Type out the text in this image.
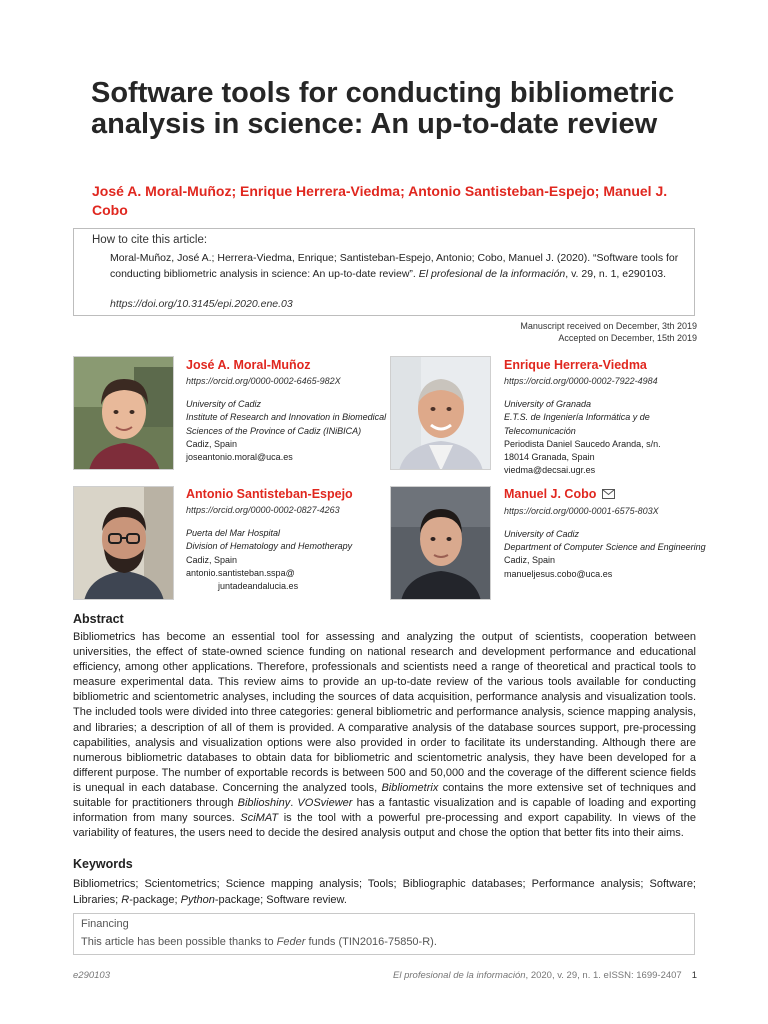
Software tools for conducting bibliometric analysis in science: An up-to-date review
José A. Moral-Muñoz; Enrique Herrera-Viedma; Antonio Santisteban-Espejo; Manuel J. Cobo
How to cite this article:
Moral-Muñoz, José A.; Herrera-Viedma, Enrique; Santisteban-Espejo, Antonio; Cobo, Manuel J. (2020). “Software tools for conducting bibliometric analysis in science: An up-to-date review”. El profesional de la información, v. 29, n. 1, e290103.
https://doi.org/10.3145/epi.2020.ene.03
Manuscript received on December, 3th 2019
Accepted on December, 15th 2019
José A. Moral-Muñoz
https://orcid.org/0000-0002-6465-982X
University of Cadiz
Institute of Research and Innovation in Biomedical Sciences of the Province of Cadiz (INiBICA)
Cadiz, Spain
joseantonio.moral@uca.es
Enrique Herrera-Viedma
https://orcid.org/0000-0002-7922-4984
University of Granada
E.T.S. de Ingeniería Informática y de Telecomunicación
Periodista Daniel Saucedo Aranda, s/n.
18014 Granada, Spain
viedma@decsai.ugr.es
Antonio Santisteban-Espejo
https://orcid.org/0000-0002-0827-4263
Puerta del Mar Hospital
Division of Hematology and Hemotherapy
Cadiz, Spain
antonio.santisteban.sspa@
juntadeandalucia.es
Manuel J. Cobo
https://orcid.org/0000-0001-6575-803X
University of Cadiz
Department of Computer Science and Engineering
Cadiz, Spain
manueljesus.cobo@uca.es
Abstract

Bibliometrics has become an essential tool for assessing and analyzing the output of scientists, cooperation between universities, the effect of state-owned science funding on national research and development performance and educational efficiency, among other applications. Therefore, professionals and scientists need a range of theoretical and practical tools to measure experimental data. This review aims to provide an up-to-date review of the various tools available for conducting bibliometric and scientometric analyses, including the sources of data acquisition, performance analysis and visualization tools. The included tools were divided into three categories: general bibliometric and performance analysis, science mapping analysis, and libraries; a description of all of them is provided. A comparative analysis of the database sources support, pre-processing capabilities, analysis and visualization options were also provided in order to facilitate its understanding. Although there are numerous bibliometric databases to obtain data for bibliometric and scientometric analysis, they have been developed for a different purpose. The number of exportable records is between 500 and 50,000 and the coverage of the different science fields is unequal in each database. Concerning the analyzed tools, Bibliometrix contains the more extensive set of techniques and suitable for practitioners through Biblioshiny. VOSviewer has a fantastic visualization and is capable of loading and exporting information from many sources. SciMAT is the tool with a powerful pre-processing and export capability. In views of the variability of features, the users need to decide the desired analysis output and chose the option that better fits into their aims.

Keywords
Bibliometrics; Scientometrics; Science mapping analysis; Tools; Bibliographic databases; Performance analysis; Software; Libraries; R-package; Python-package; Software review.
Financing
This article has been possible thanks to Feder funds (TIN2016-75850-R).
e290103	El profesional de la información, 2020, v. 29, n. 1. eISSN: 1699-2407 1
